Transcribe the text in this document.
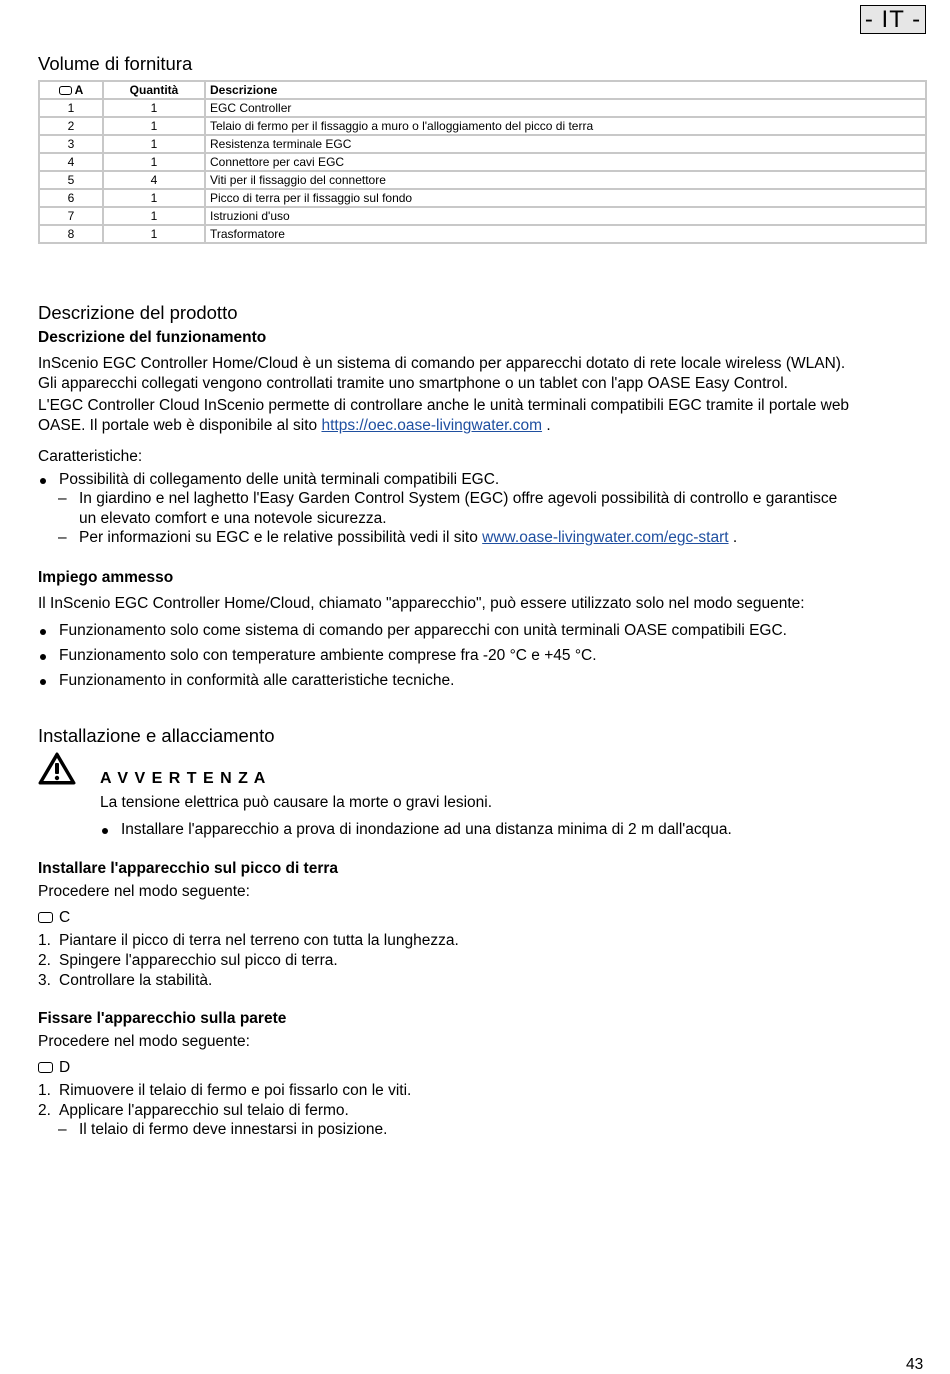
- IT -
Volume di fornitura
A	Quantità	Descrizione
1	1	EGC Controller
2	1	Telaio di fermo per il fissaggio a muro o l'alloggiamento del picco di terra
3	1	Resistenza terminale EGC
4	1	Connettore per cavi EGC
5	4	Viti per il fissaggio del connettore
6	1	Picco di terra per il fissaggio sul fondo
7	1	Istruzioni d'uso
8	1	Trasformatore
Descrizione del prodotto
Descrizione del funzionamento

InScenio EGC Controller Home/Cloud è un sistema di comando per apparecchi dotato di rete locale wireless (WLAN).

Gli apparecchi collegati vengono controllati tramite uno smartphone o un tablet con l'app OASE Easy Control.

L'EGC Controller Cloud InScenio permette di controllare anche le unità terminali compatibili EGC tramite il portale web

OASE. Il portale web è disponibile al sito https://oec.oase-livingwater.com .

Caratteristiche:

Possibilità di collegamento delle unità terminali compatibili EGC.
– In giardino e nel laghetto l'Easy Garden Control System (EGC) offre agevoli possibilità di controllo e garantisce
un elevato comfort e una notevole sicurezza.
– Per informazioni su EGC e le relative possibilità vedi il sito www.oase-livingwater.com/egc-start .
Impiego ammesso

Il InScenio EGC Controller Home/Cloud, chiamato "apparecchio", può essere utilizzato solo nel modo seguente:

Funzionamento solo come sistema di comando per apparecchi con unità terminali OASE compatibili EGC.
Funzionamento solo con temperature ambiente comprese fra -20 °C e +45 °C.
Funzionamento in conformità alle caratteristiche tecniche.
Installazione e allacciamento

A V V E R T E N Z A

La tensione elettrica può causare la morte o gravi lesioni.

Installare l'apparecchio a prova di inondazione ad una distanza minima di 2 m dall'acqua.
Installare l'apparecchio sul picco di terra

Procedere nel modo seguente:

C

1. Piantare il picco di terra nel terreno con tutta la lunghezza.
2. Spingere l'apparecchio sul picco di terra.
3. Controllare la stabilità.
Fissare l'apparecchio sulla parete

Procedere nel modo seguente:

D

1. Rimuovere il telaio di fermo e poi fissarlo con le viti.
2. Applicare l'apparecchio sul telaio di fermo.
– Il telaio di fermo deve innestarsi in posizione.
43
